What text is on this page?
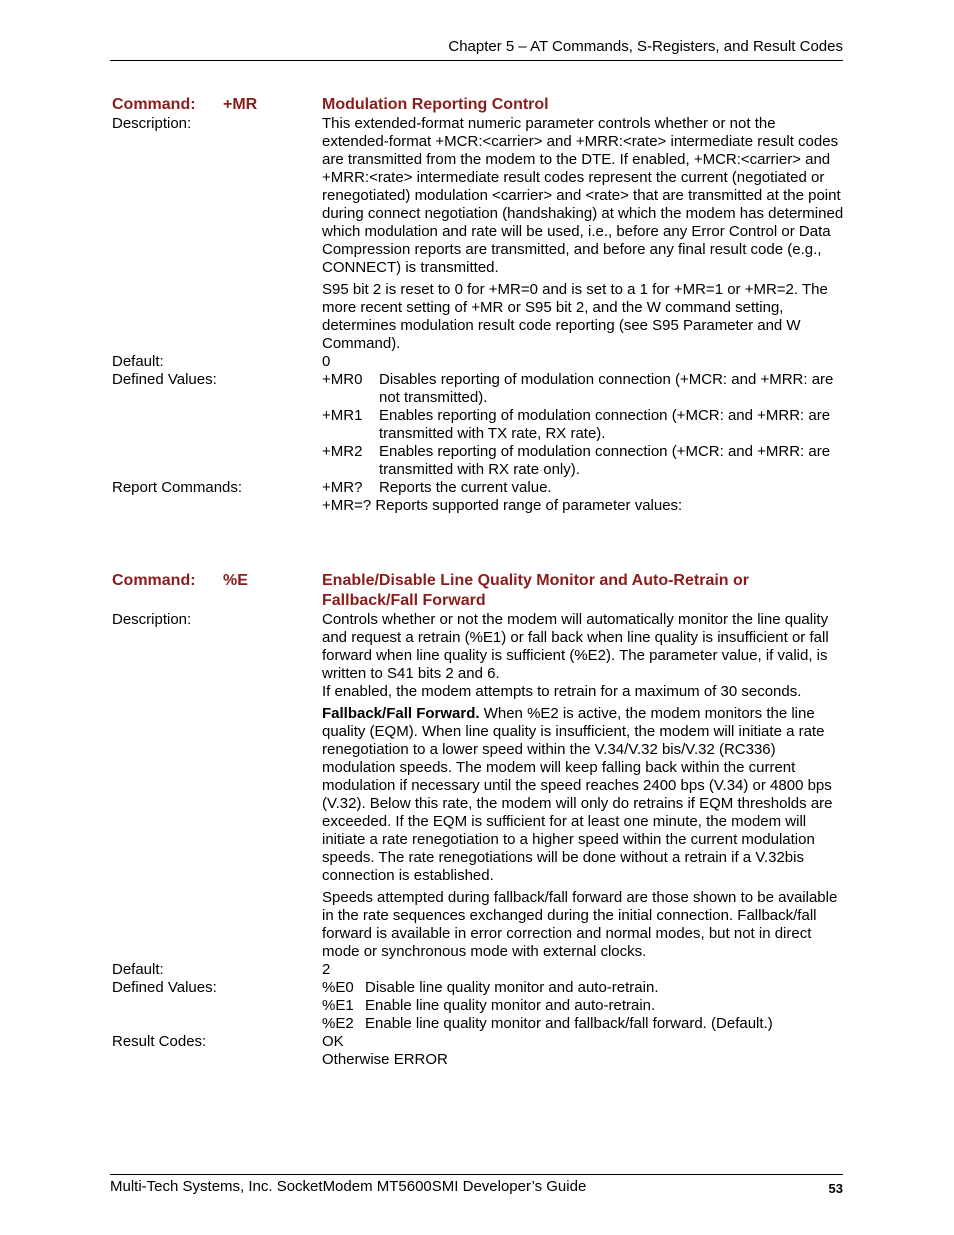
Chapter 5 – AT Commands, S-Registers, and Result Codes
Command: +MR	Modulation Reporting Control
Description:	This extended-format numeric parameter controls whether or not the extended-format +MCR:<carrier> and +MRR:<rate> intermediate result codes are transmitted from the modem to the DTE. If enabled, +MCR:<carrier> and +MRR:<rate> intermediate result codes represent the current (negotiated or renegotiated) modulation <carrier> and <rate> that are transmitted at the point during connect negotiation (handshaking) at which the modem has determined which modulation and rate will be used, i.e., before any Error Control or Data Compression reports are transmitted, and before any final result code (e.g., CONNECT) is transmitted.

S95 bit 2 is reset to 0 for +MR=0 and is set to a 1 for +MR=1 or +MR=2. The more recent setting of +MR or S95 bit 2, and the W command setting, determines modulation result code reporting (see S95 Parameter and W Command).

Default:	0
Defined Values:	+MR0	Disables reporting of modulation connection (+MCR: and +MRR: are not transmitted).
+MR1	Enables reporting of modulation connection (+MCR: and +MRR: are transmitted with TX rate, RX rate).
+MR2	Enables reporting of modulation connection (+MCR: and +MRR: are transmitted with RX rate only).
Report Commands:	+MR?	Reports the current value.
+MR=? Reports supported range of parameter values:
Command: %E	Enable/Disable Line Quality Monitor and Auto-Retrain or Fallback/Fall Forward
Description:	Controls whether or not the modem will automatically monitor the line quality and request a retrain (%E1) or fall back when line quality is insufficient or fall forward when line quality is sufficient (%E2). The parameter value, if valid, is written to S41 bits 2 and 6.

If enabled, the modem attempts to retrain for a maximum of 30 seconds.

Fallback/Fall Forward. When %E2 is active, the modem monitors the line quality (EQM). When line quality is insufficient, the modem will initiate a rate renegotiation to a lower speed within the V.34/V.32 bis/V.32 (RC336) modulation speeds. The modem will keep falling back within the current modulation if necessary until the speed reaches 2400 bps (V.34) or 4800 bps (V.32). Below this rate, the modem will only do retrains if EQM thresholds are exceeded. If the EQM is sufficient for at least one minute, the modem will initiate a rate renegotiation to a higher speed within the current modulation speeds. The rate renegotiations will be done without a retrain if a V.32bis connection is established.

Speeds attempted during fallback/fall forward are those shown to be available in the rate sequences exchanged during the initial connection. Fallback/fall forward is available in error correction and normal modes, but not in direct mode or synchronous mode with external clocks.

Default:	2
Defined Values:	%E0 Disable line quality monitor and auto-retrain.
%E1 Enable line quality monitor and auto-retrain.
%E2 Enable line quality monitor and fallback/fall forward. (Default.)
Result Codes:	OK
Otherwise ERROR
Multi-Tech Systems, Inc. SocketModem MT5600SMI Developer’s Guide	53
